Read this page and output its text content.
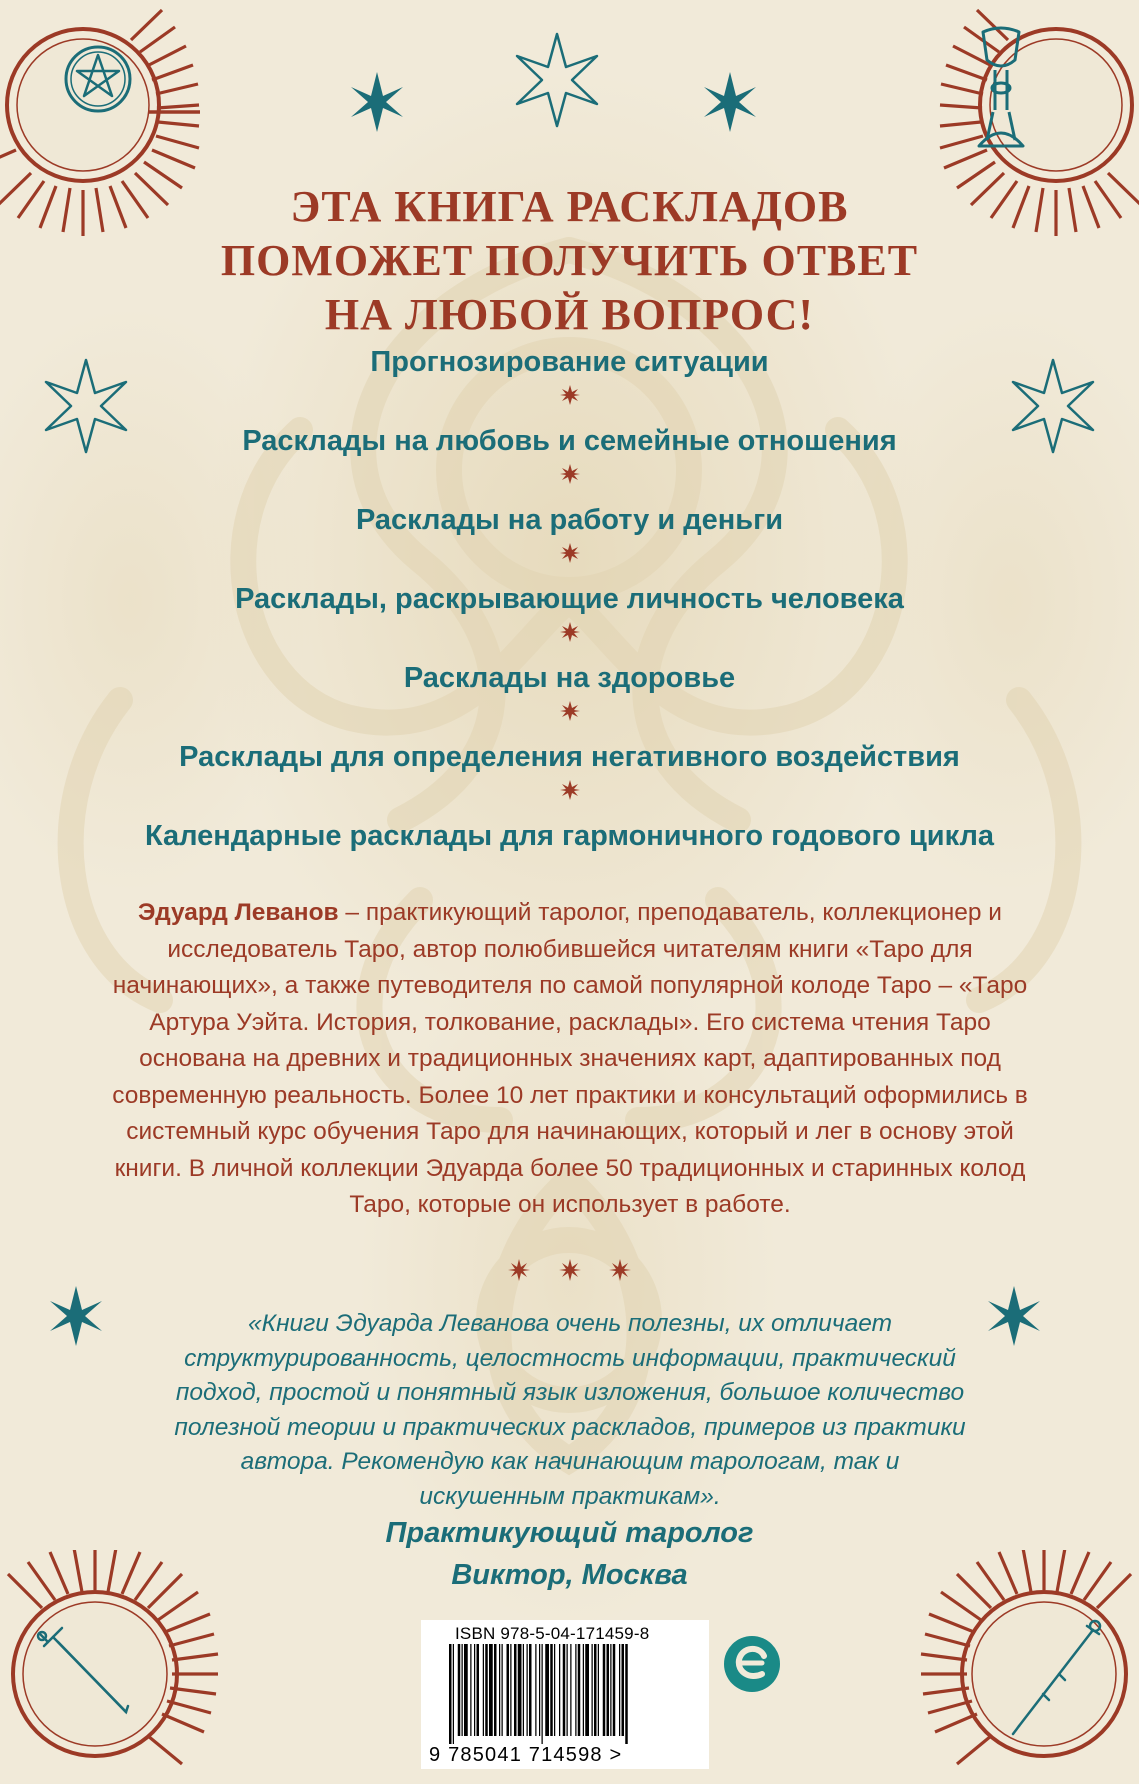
ЭТА КНИГА РАСКЛАДОВ
ПОМОЖЕТ ПОЛУЧИТЬ ОТВЕТ
НА ЛЮБОЙ ВОПРОС!
Прогнозирование ситуации
Расклады на любовь и семейные отношения
Расклады на работу и деньги
Расклады, раскрывающие личность человека
Расклады на здоровье
Расклады для определения негативного воздействия
Календарные расклады для гармоничного годового цикла

Эдуард Леванов – практикующий таролог, преподаватель, коллекционер и исследователь Таро, автор полюбившейся читателям книги «Таро для начинающих», а также путеводителя по самой популярной колоде Таро – «Таро Артура Уэйта. История, толкование, расклады». Его система чтения Таро основана на древних и традиционных значениях карт, адаптированных под современную реальность. Более 10 лет практики и консультаций оформились в системный курс обучения Таро для начинающих, который и лег в основу этой книги. В личной коллекции Эдуарда более 50 традиционных и старинных колод Таро, которые он использует в работе.

«Книги Эдуарда Леванова очень полезны, их отличает структурированность, целостность информации, практический подход, простой и понятный язык изложения, большое количество полезной теории и практических раскладов, примеров из практики автора. Рекомендую как начинающим тарологам, так и искушенным практикам».

Практикующий таролог
Виктор, Москва
ISBN 978-5-04-171459-8
9 785041 714598 >
